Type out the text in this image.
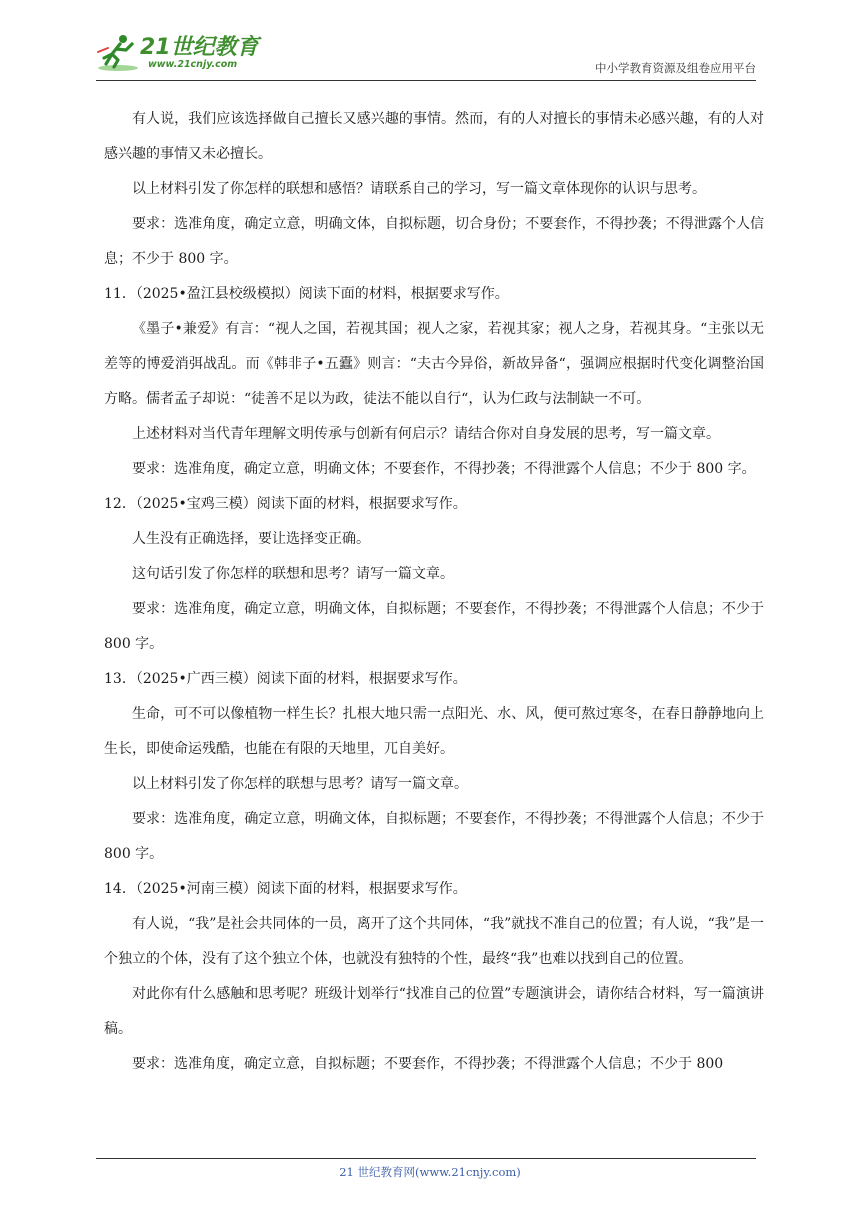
21世纪教育
www.21cnjy.com	中小学教育资源及组卷应用平台

有人说，我们应该选择做自己擅长又感兴趣的事情。然而，有的人对擅长的事情未必感兴趣，有的人对感兴趣的事情又未必擅长。

以上材料引发了你怎样的联想和感悟？请联系自己的学习，写一篇文章体现你的认识与思考。

要求：选准角度，确定立意，明确文体，自拟标题，切合身份；不要套作，不得抄袭；不得泄露个人信息；不少于 800 字。

11．（2025•盈江县校级模拟）阅读下面的材料，根据要求写作。

《墨子•兼爱》有言：“视人之国，若视其国；视人之家，若视其家；视人之身，若视其身。“主张以无差等的博爱消弭战乱。而《韩非子•五蠹》则言：“夫古今异俗，新故异备“，强调应根据时代变化调整治国方略。儒者孟子却说：“徒善不足以为政，徒法不能以自行“，认为仁政与法制缺一不可。

上述材料对当代青年理解文明传承与创新有何启示？请结合你对自身发展的思考，写一篇文章。

要求：选准角度，确定立意，明确文体；不要套作，不得抄袭；不得泄露个人信息；不少于 800 字。

12．（2025•宝鸡三模）阅读下面的材料，根据要求写作。

人生没有正确选择，要让选择变正确。

这句话引发了你怎样的联想和思考？请写一篇文章。

要求：选准角度，确定立意，明确文体，自拟标题；不要套作，不得抄袭；不得泄露个人信息；不少于 800 字。

13．（2025•广西三模）阅读下面的材料，根据要求写作。

生命，可不可以像植物一样生长？扎根大地只需一点阳光、水、风，便可熬过寒冬，在春日静静地向上生长，即使命运残酷，也能在有限的天地里，兀自美好。

以上材料引发了你怎样的联想与思考？请写一篇文章。

要求：选准角度，确定立意，明确文体，自拟标题；不要套作，不得抄袭；不得泄露个人信息；不少于 800 字。

14．（2025•河南三模）阅读下面的材料，根据要求写作。

有人说，“我”是社会共同体的一员，离开了这个共同体，“我”就找不准自己的位置；有人说，“我”是一个独立的个体，没有了这个独立个体，也就没有独特的个性，最终“我”也难以找到自己的位置。

对此你有什么感触和思考呢？班级计划举行“找准自己的位置”专题演讲会，请你结合材料，写一篇演讲稿。

要求：选准角度，确定立意，自拟标题；不要套作，不得抄袭；不得泄露个人信息；不少于 800

21 世纪教育网(www.21cnjy.com)
